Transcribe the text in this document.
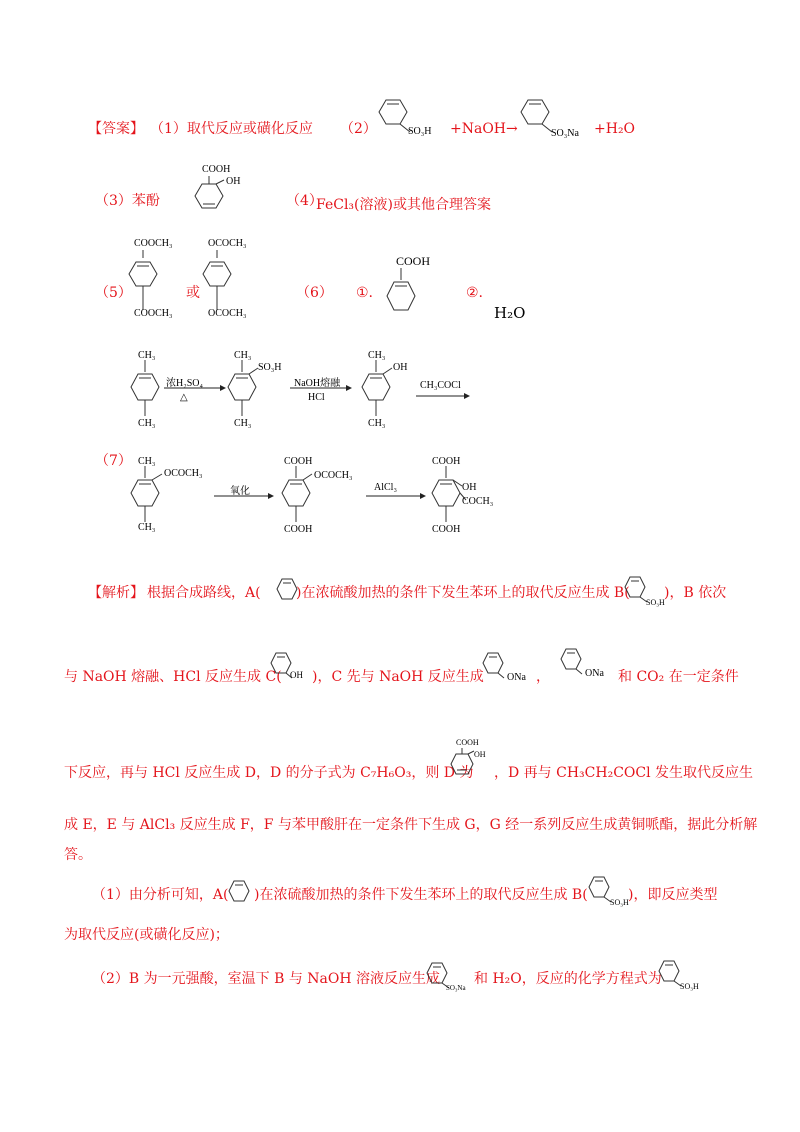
【答案】 （1）取代反应或磺化反应 （2）	SO₃H +NaOH→	SO₃Na +H₂O
（3）苯酚
COOH
OH
（4）
FeCl₃(溶液)或其他合理答案
（5）
COOCH₃
COOCH₃
或
OCOCH₃
OCOCH₃
（6） ①.
COOH
②.
H₂O
CH₃
CH₃
浓H₂SO₄
△
CH₃
SO₃H
CH₃
NaOH熔融
HCl
CH₃
OH
CH₃
CH₃COCl
（7） CH₃
OCOCH₃
CH₃
氧化
COOH
OCOCH₃
COOH
AlCl₃
COOH
OH
COCH₃
COOH
【解析】 根据合成路线，A(	)在浓硫酸加热的条件下发生苯环上的取代反应生成 B(
SO₃H
)，B 依次
与 NaOH 熔融、HCl 反应生成 C( OH )，C 先与 NaOH 反应生成 ONa ，	ONa 和 CO₂ 在一定条件
下反应，再与 HCl 反应生成 D，D 的分子式为 C₇H₆O₃，则 D 为
COOH
OH
，D 再与 CH₃CH₂COCl 发生取代反应生
成 E，E 与 AlCl₃ 反应生成 F，F 与苯甲酸肝在一定条件下生成 G，G 经一系列反应生成黄铜哌酯，据此分析解
答。
（1）由分析可知，A( )在浓硫酸加热的条件下发生苯环上的取代反应生成 B(	SO₃H )，即反应类型
为取代反应(或磺化反应)；
（2）B 为一元强酸，室温下 B 与 NaOH 溶液反应生成
SO₃Na
和 H₂O，反应的化学方程式为 SO₃H
